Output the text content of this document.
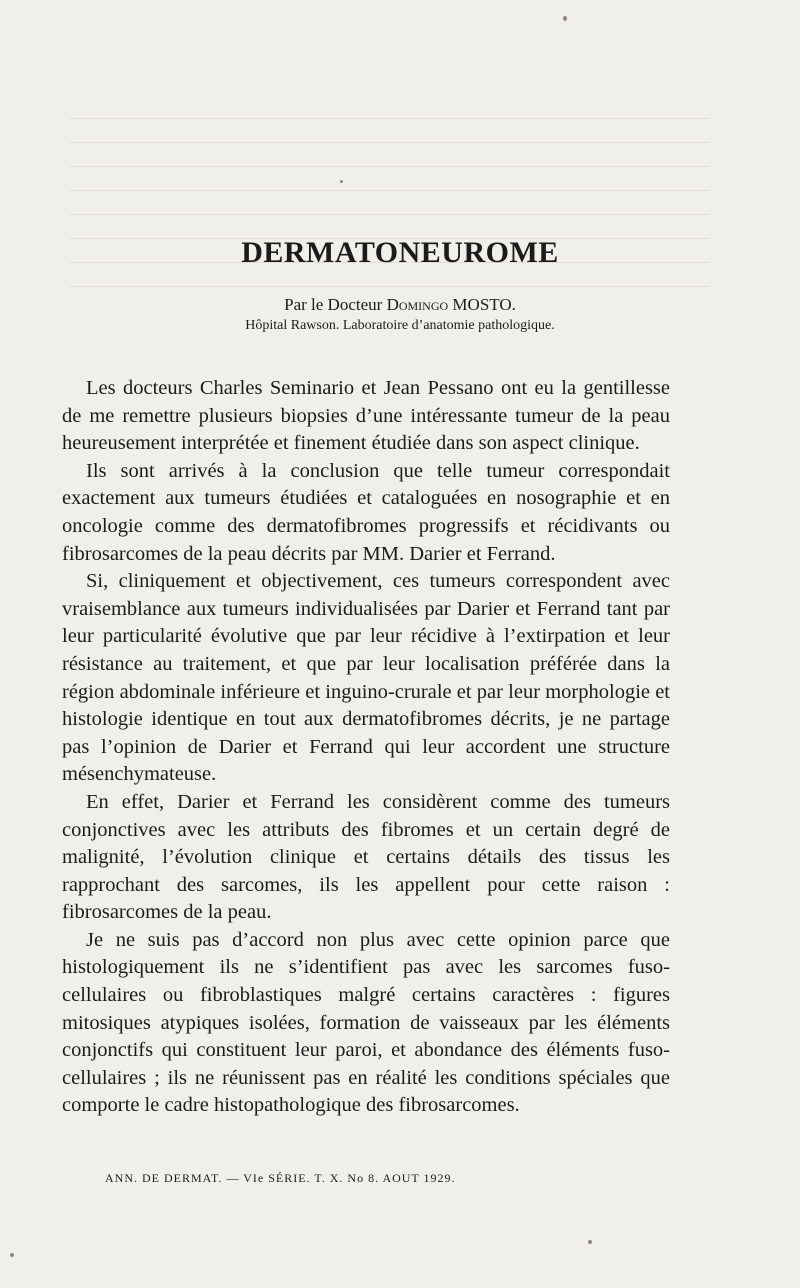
DERMATONEUROME
Par le Docteur Domingo MOSTO.
Hôpital Rawson. Laboratoire d’anatomie pathologique.

Les docteurs Charles Seminario et Jean Pessano ont eu la gentillesse de me remettre plusieurs biopsies d’une intéressante tumeur de la peau heureusement interprétée et finement étudiée dans son aspect clinique.

Ils sont arrivés à la conclusion que telle tumeur correspondait exactement aux tumeurs étudiées et cataloguées en nosographie et en oncologie comme des dermatofibromes progressifs et récidivants ou fibrosarcomes de la peau décrits par MM. Darier et Ferrand.

Si, cliniquement et objectivement, ces tumeurs correspondent avec vraisemblance aux tumeurs individualisées par Darier et Ferrand tant par leur particularité évolutive que par leur récidive à l’extirpation et leur résistance au traitement, et que par leur localisation préférée dans la région abdominale inférieure et inguino-crurale et par leur morphologie et histologie identique en tout aux dermatofibromes décrits, je ne partage pas l’opinion de Darier et Ferrand qui leur accordent une structure mésenchymateuse.

En effet, Darier et Ferrand les considèrent comme des tumeurs conjonctives avec les attributs des fibromes et un certain degré de malignité, l’évolution clinique et certains détails des tissus les rapprochant des sarcomes, ils les appellent pour cette raison : fibrosarcomes de la peau.

Je ne suis pas d’accord non plus avec cette opinion parce que histologiquement ils ne s’identifient pas avec les sarcomes fuso-cellulaires ou fibroblastiques malgré certains caractères : figures mitosiques atypiques isolées, formation de vaisseaux par les éléments conjonctifs qui constituent leur paroi, et abondance des éléments fuso-cellulaires ; ils ne réunissent pas en réalité les conditions spéciales que comporte le cadre histopathologique des fibrosarcomes.

ANN. DE DERMAT. — VIe SÉRIE. T. X. No 8. AOUT 1929.
